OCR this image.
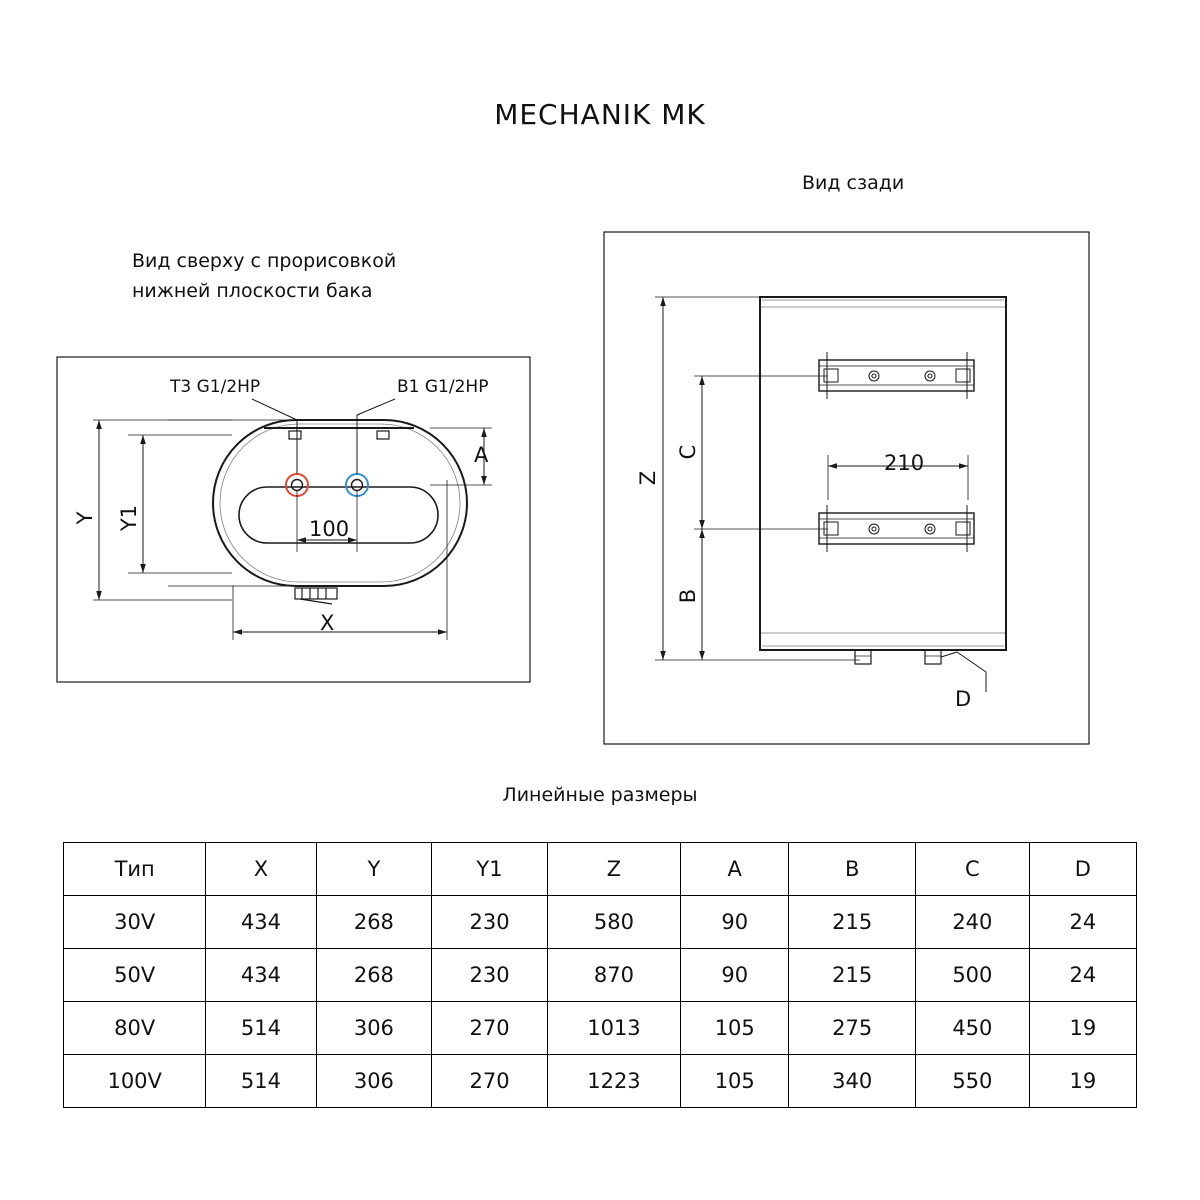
MECHANIK MK
Вид сверху с прорисовкой
нижней плоскости бака
Вид сзади
Линейные размеры
T3 G1/2HP	B1 G1/2HP
100
A
X
210
D
Y Y1
Z
C
B
Тип	X	Y	Y1	Z	A	B	C	D
30V	434	268	230	580	90	215	240	24
50V	434	268	230	870	90	215	500	24
80V	514	306	270	1013	105	275	450	19
100V	514	306	270	1223	105	340	550	19
